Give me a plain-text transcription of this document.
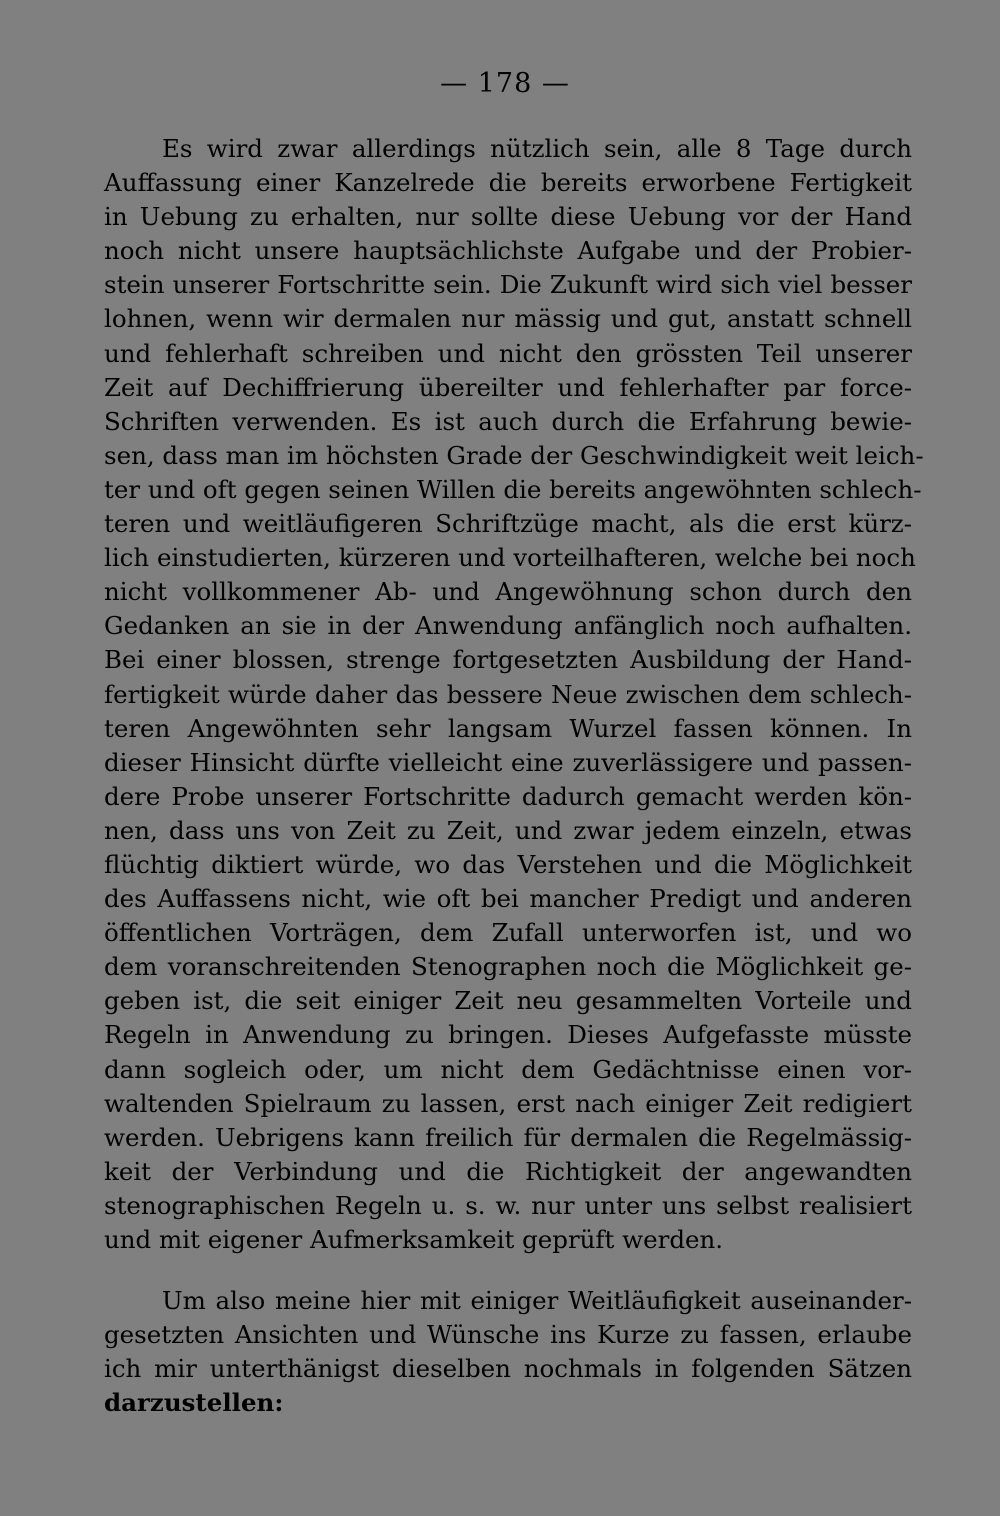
— 178 —
Es wird zwar allerdings nützlich sein, alle 8 Tage durch
Auffassung einer Kanzelrede die bereits erworbene Fertigkeit
in Uebung zu erhalten, nur sollte diese Uebung vor der Hand
noch nicht unsere hauptsächlichste Aufgabe und der Probier-
stein unserer Fortschritte sein. Die Zukunft wird sich viel besser
lohnen, wenn wir dermalen nur mässig und gut, anstatt schnell
und fehlerhaft schreiben und nicht den grössten Teil unserer
Zeit auf Dechiffrierung übereilter und fehlerhafter par force-
Schriften verwenden. Es ist auch durch die Erfahrung bewie-
sen, dass man im höchsten Grade der Geschwindigkeit weit leich-
ter und oft gegen seinen Willen die bereits angewöhnten schlech-
teren und weitläufigeren Schriftzüge macht, als die erst kürz-
lich einstudierten, kürzeren und vorteilhafteren, welche bei noch
nicht vollkommener Ab- und Angewöhnung schon durch den
Gedanken an sie in der Anwendung anfänglich noch aufhalten.
Bei einer blossen, strenge fortgesetzten Ausbildung der Hand-
fertigkeit würde daher das bessere Neue zwischen dem schlech-
teren Angewöhnten sehr langsam Wurzel fassen können. In
dieser Hinsicht dürfte vielleicht eine zuverlässigere und passen-
dere Probe unserer Fortschritte dadurch gemacht werden kön-
nen, dass uns von Zeit zu Zeit, und zwar jedem einzeln, etwas
flüchtig diktiert würde, wo das Verstehen und die Möglichkeit
des Auffassens nicht, wie oft bei mancher Predigt und anderen
öffentlichen Vorträgen, dem Zufall unterworfen ist, und wo
dem voranschreitenden Stenographen noch die Möglichkeit ge-
geben ist, die seit einiger Zeit neu gesammelten Vorteile und
Regeln in Anwendung zu bringen. Dieses Aufgefasste müsste
dann sogleich oder, um nicht dem Gedächtnisse einen vor-
waltenden Spielraum zu lassen, erst nach einiger Zeit redigiert
werden. Uebrigens kann freilich für dermalen die Regelmässig-
keit der Verbindung und die Richtigkeit der angewandten
stenographischen Regeln u. s. w. nur unter uns selbst realisiert
und mit eigener Aufmerksamkeit geprüft werden.
Um also meine hier mit einiger Weitläufigkeit auseinander-
gesetzten Ansichten und Wünsche ins Kurze zu fassen, erlaube
ich mir unterthänigst dieselben nochmals in folgenden Sätzen
darzustellen:
